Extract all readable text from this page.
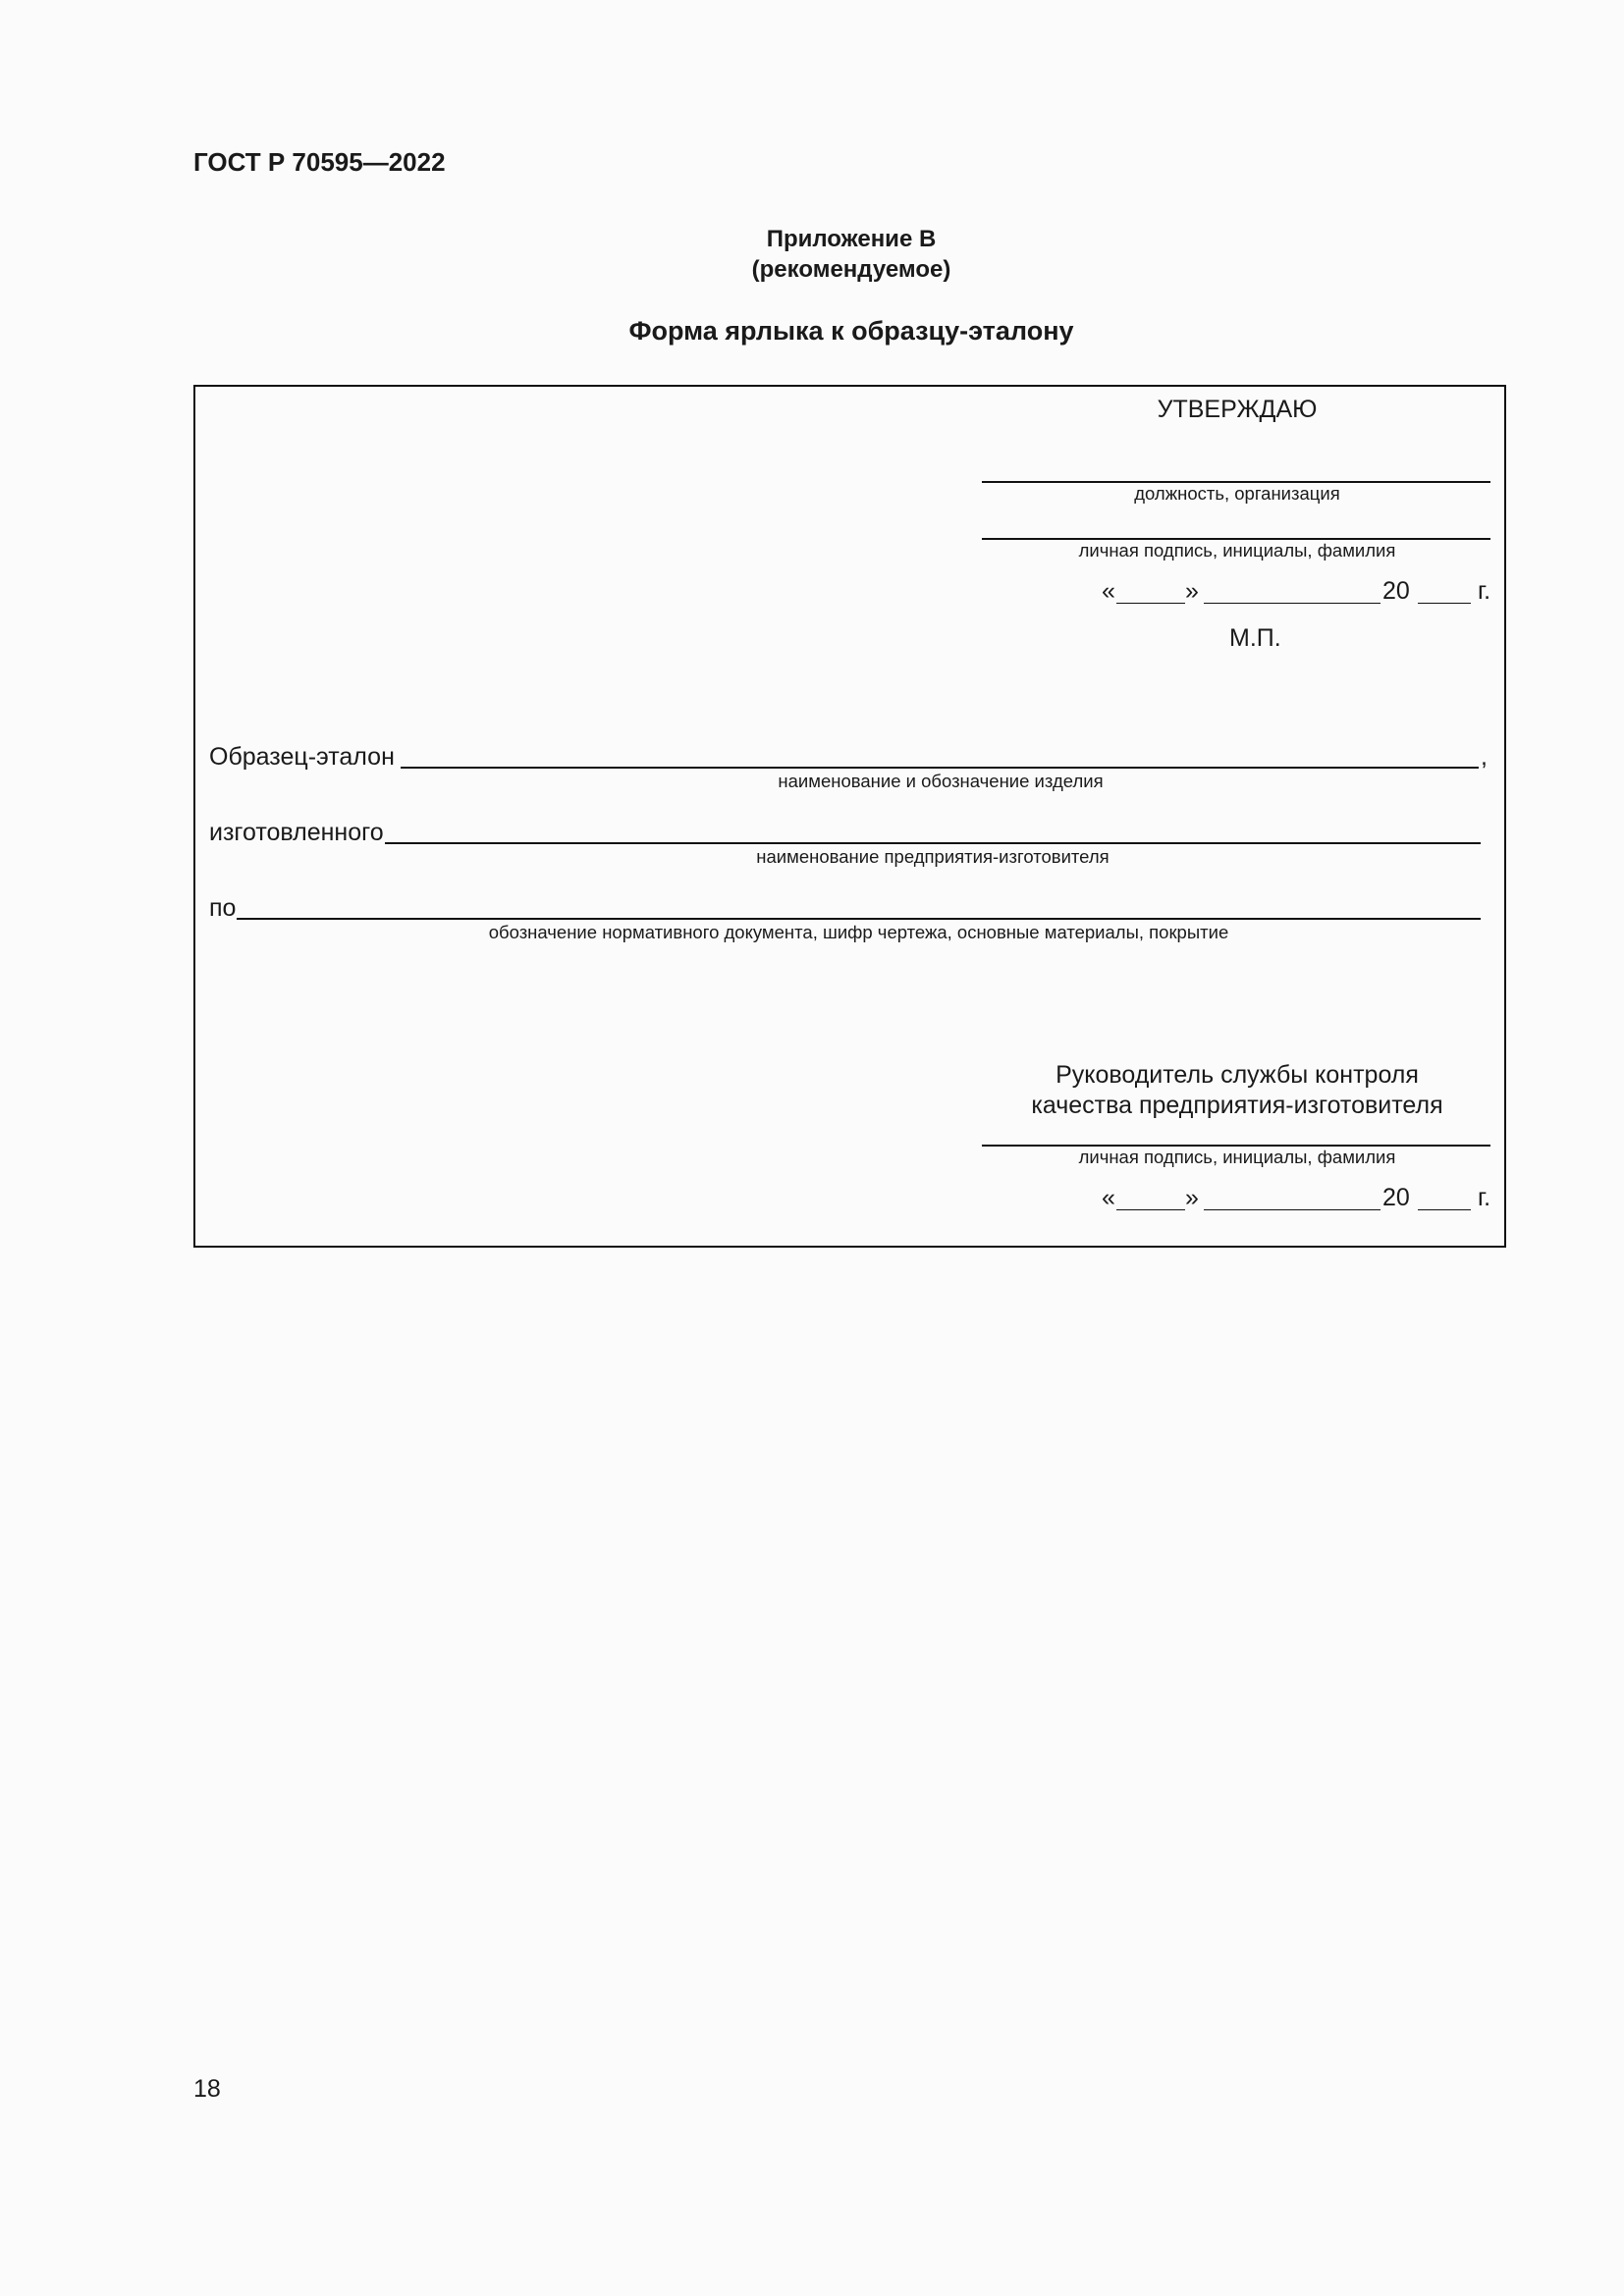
ГОСТ Р 70595—2022
Приложение В
(рекомендуемое)
Форма ярлыка к образцу-эталону
УТВЕРЖДАЮ
должность, организация
личная подпись, инициалы, фамилия
«	»	20	г.
М.П.
Образец-эталон	,
наименование и обозначение изделия
изготовленного
наименование предприятия-изготовителя
по
обозначение нормативного документа, шифр чертежа, основные материалы, покрытие
Руководитель службы контроля
качества предприятия-изготовителя
личная подпись, инициалы, фамилия
«	»	20	г.
18
